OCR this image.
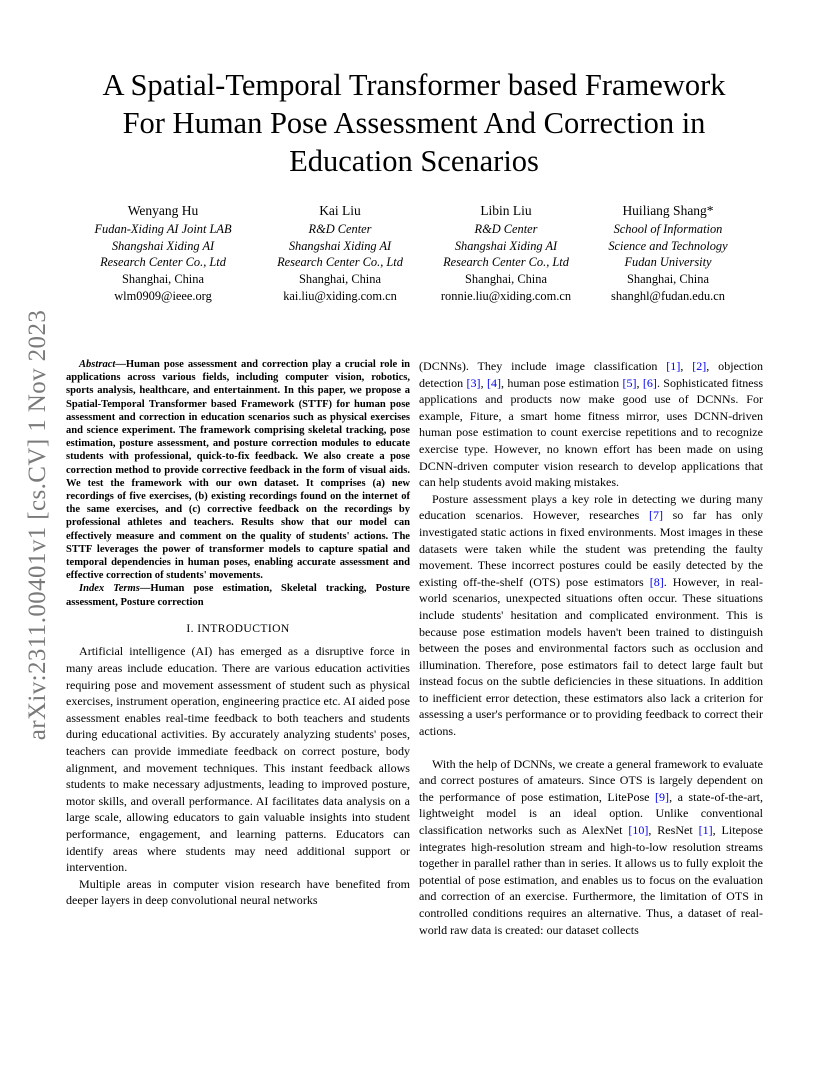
arXiv:2311.00401v1 [cs.CV] 1 Nov 2023
A Spatial-Temporal Transformer based Framework
For Human Pose Assessment And Correction in
Education Scenarios
Wenyang Hu
Fudan-Xiding AI Joint LAB
Shangshai Xiding AI
Research Center Co., Ltd
Shanghai, China
wlm0909@ieee.org
Kai Liu
R&D Center
Shangshai Xiding AI
Research Center Co., Ltd
Shanghai, China
kai.liu@xiding.com.cn
Libin Liu
R&D Center
Shangshai Xiding AI
Research Center Co., Ltd
Shanghai, China
ronnie.liu@xiding.com.cn
Huiliang Shang*
School of Information
Science and Technology
Fudan University
Shanghai, China
shanghl@fudan.edu.cn

Abstract—Human pose assessment and correction play a crucial role in applications across various fields, including computer vision, robotics, sports analysis, healthcare, and entertainment. In this paper, we propose a Spatial-Temporal Transformer based Framework (STTF) for human pose assessment and correction in education scenarios such as physical exercises and science experiment. The framework comprising skeletal tracking, pose estimation, posture assessment, and posture correction modules to educate students with professional, quick-to-fix feedback. We also create a pose correction method to provide corrective feedback in the form of visual aids. We test the framework with our own dataset. It comprises (a) new recordings of five exercises, (b) existing recordings found on the internet of the same exercises, and (c) corrective feedback on the recordings by professional athletes and teachers. Results show that our model can effectively measure and comment on the quality of students' actions. The STTF leverages the power of transformer models to capture spatial and temporal dependencies in human poses, enabling accurate assessment and effective correction of students' movements.

Index Terms—Human pose estimation, Skeletal tracking, Posture assessment, Posture correction

I. INTRODUCTION

Artificial intelligence (AI) has emerged as a disruptive force in many areas include education. There are various education activities requiring pose and movement assessment of student such as physical exercises, instrument operation, engineering practice etc. AI aided pose assessment enables real-time feedback to both teachers and students during educational activities. By accurately analyzing students' poses, teachers can provide immediate feedback on correct posture, body alignment, and movement techniques. This instant feedback allows students to make necessary adjustments, leading to improved posture, motor skills, and overall performance. AI facilitates data analysis on a large scale, allowing educators to gain valuable insights into student performance, engagement, and learning patterns. Educators can identify areas where students may need additional support or intervention.

Multiple areas in computer vision research have benefited from deeper layers in deep convolutional neural networks

(DCNNs). They include image classification [1], [2], objection detection [3], [4], human pose estimation [5], [6]. Sophisticated fitness applications and products now make good use of DCNNs. For example, Fiture, a smart home fitness mirror, uses DCNN-driven human pose estimation to count exercise repetitions and to recognize exercise type. However, no known effort has been made on using DCNN-driven computer vision research to develop applications that can help students avoid making mistakes.

Posture assessment plays a key role in detecting we during many education scenarios. However, researches [7] so far has only investigated static actions in fixed environments. Most images in these datasets were taken while the student was pretending the faulty movement. These incorrect postures could be easily detected by the existing off-the-shelf (OTS) pose estimators [8]. However, in real-world scenarios, unexpected situations often occur. These situations include students' hesitation and complicated environment. This is because pose estimation models haven't been trained to distinguish between the poses and environmental factors such as occlusion and illumination. Therefore, pose estimators fail to detect large fault but instead focus on the subtle deficiencies in these situations. In addition to inefficient error detection, these estimators also lack a criterion for assessing a user's performance or to providing feedback to correct their actions.

With the help of DCNNs, we create a general framework to evaluate and correct postures of amateurs. Since OTS is largely dependent on the performance of pose estimation, LitePose [9], a state-of-the-art, lightweight model is an ideal option. Unlike conventional classification networks such as AlexNet [10], ResNet [1], Litepose integrates high-resolution stream and high-to-low resolution streams together in parallel rather than in series. It allows us to fully exploit the potential of pose estimation, and enables us to focus on the evaluation and correction of an exercise. Furthermore, the limitation of OTS in controlled conditions requires an alternative. Thus, a dataset of real-world raw data is created: our dataset collects
